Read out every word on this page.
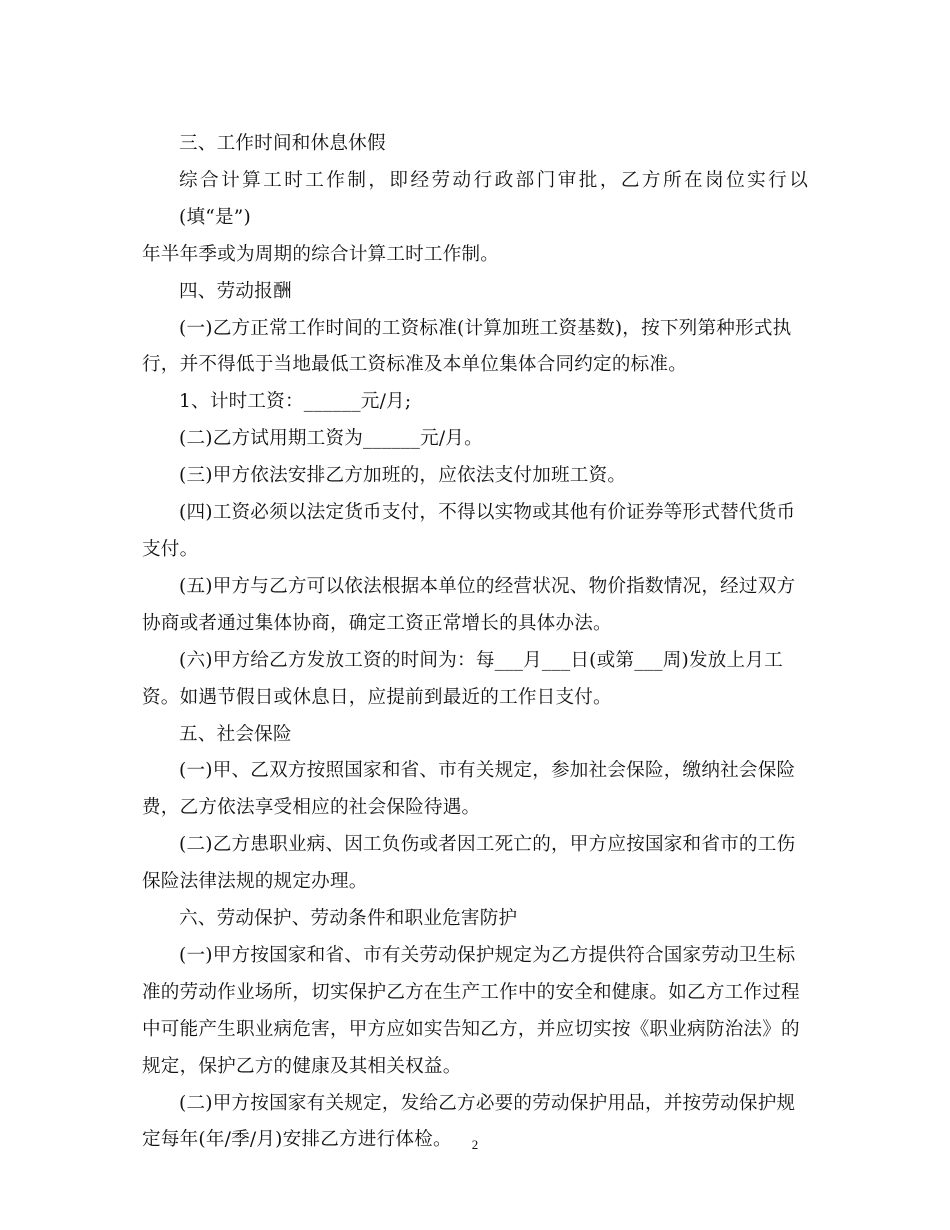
三、工作时间和休息休假

综合计算工时工作制，即经劳动行政部门审批，乙方所在岗位实行以(填“是”)
年半年季或为周期的综合计算工时工作制。

四、劳动报酬

(一)乙方正常工作时间的工资标准(计算加班工资基数)，按下列第种形式执
行，并不得低于当地最低工资标准及本单位集体合同约定的标准。

1、计时工资：______元/月;

(二)乙方试用期工资为______元/月。

(三)甲方依法安排乙方加班的，应依法支付加班工资。

(四)工资必须以法定货币支付，不得以实物或其他有价证券等形式替代货币
支付。

(五)甲方与乙方可以依法根据本单位的经营状况、物价指数情况，经过双方
协商或者通过集体协商，确定工资正常增长的具体办法。

(六)甲方给乙方发放工资的时间为：每___月___日(或第___周)发放上月工
资。如遇节假日或休息日，应提前到最近的工作日支付。

五、社会保险

(一)甲、乙双方按照国家和省、市有关规定，参加社会保险，缴纳社会保险
费，乙方依法享受相应的社会保险待遇。

(二)乙方患职业病、因工负伤或者因工死亡的，甲方应按国家和省市的工伤
保险法律法规的规定办理。

六、劳动保护、劳动条件和职业危害防护

(一)甲方按国家和省、市有关劳动保护规定为乙方提供符合国家劳动卫生标
准的劳动作业场所，切实保护乙方在生产工作中的安全和健康。如乙方工作过程
中可能产生职业病危害，甲方应如实告知乙方，并应切实按《职业病防治法》的
规定，保护乙方的健康及其相关权益。

(二)甲方按国家有关规定，发给乙方必要的劳动保护用品，并按劳动保护规
定每年(年/季/月)安排乙方进行体检。	2
